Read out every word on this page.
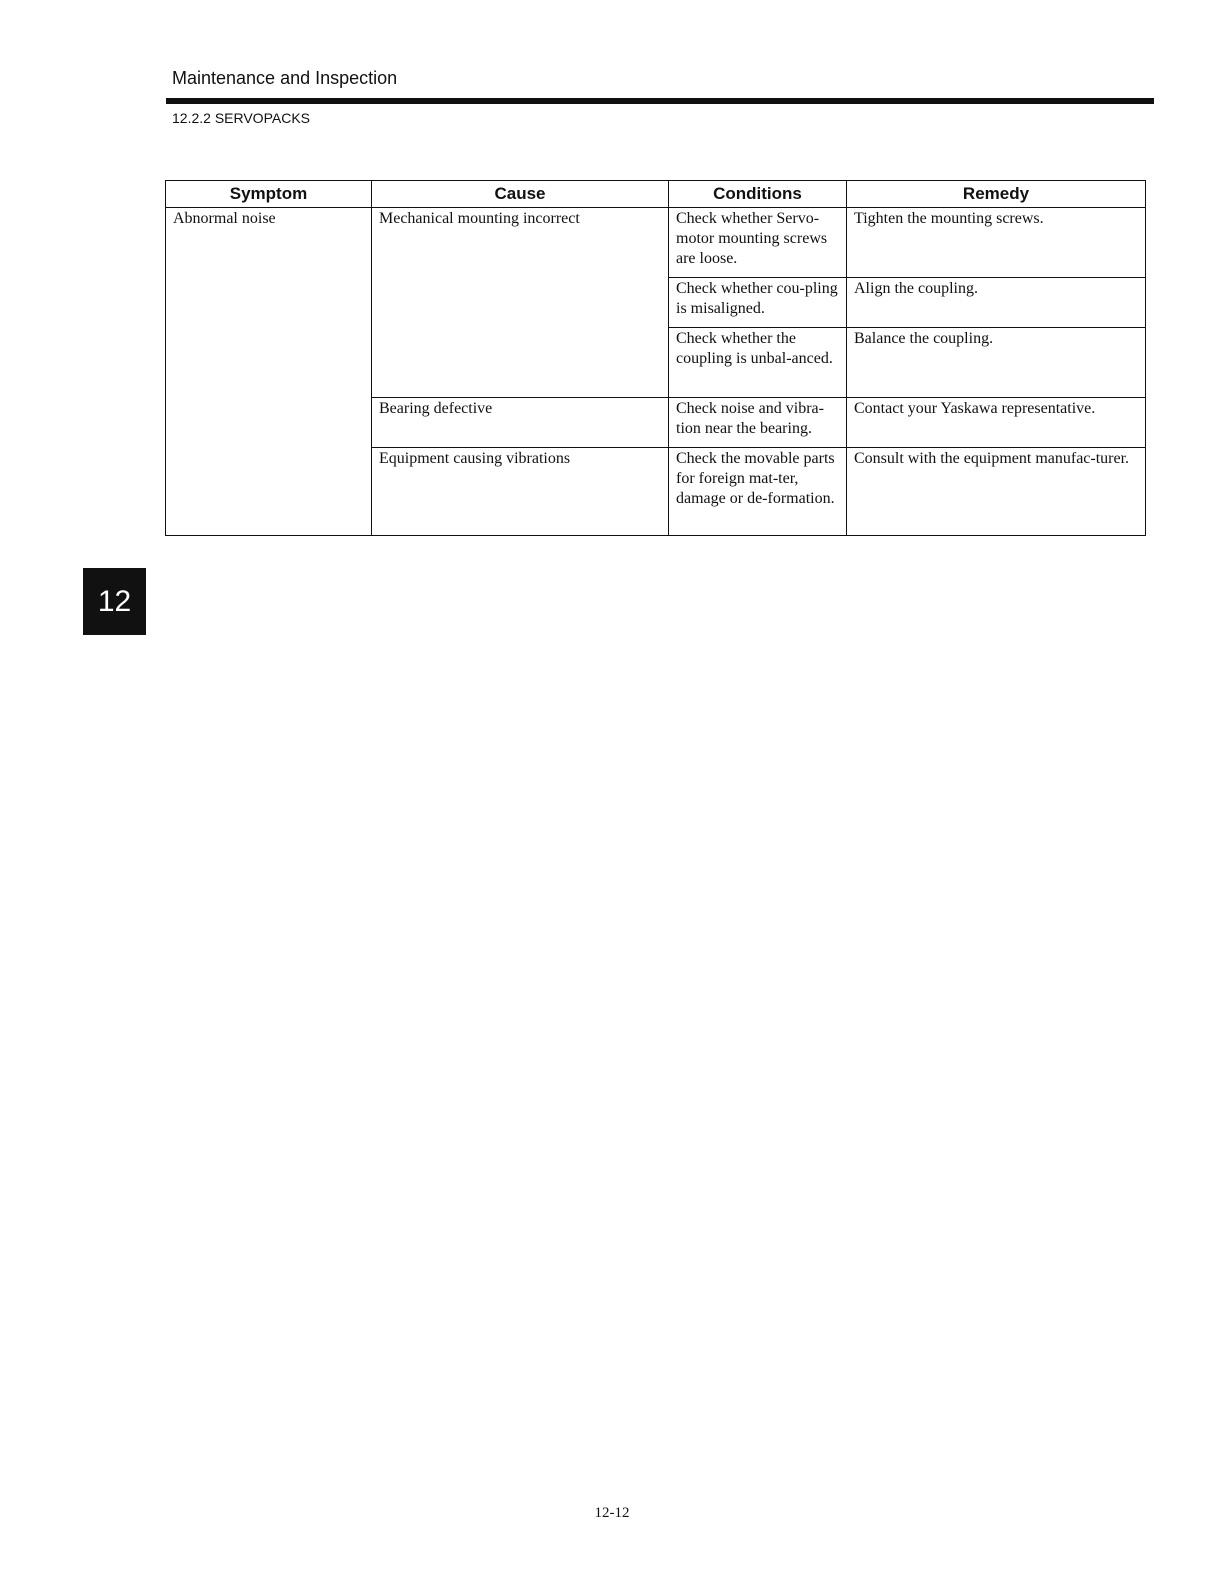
Maintenance and Inspection
12.2.2 SERVOPACKS
Symptom	Cause	Conditions	Remedy
Abnormal noise	Mechanical mounting incorrect	Check whether Servo-motor mounting screws are loose.	Tighten the mounting screws.
		Check whether cou-pling is misaligned.	Align the coupling.
		Check whether the coupling is unbal-anced.	Balance the coupling.
	Bearing defective	Check noise and vibra-tion near the bearing.	Contact your Yaskawa representative.
	Equipment causing vibrations	Check the movable parts for foreign mat-ter, damage or de-formation.	Consult with the equipment manufac-turer.
12
12-12
